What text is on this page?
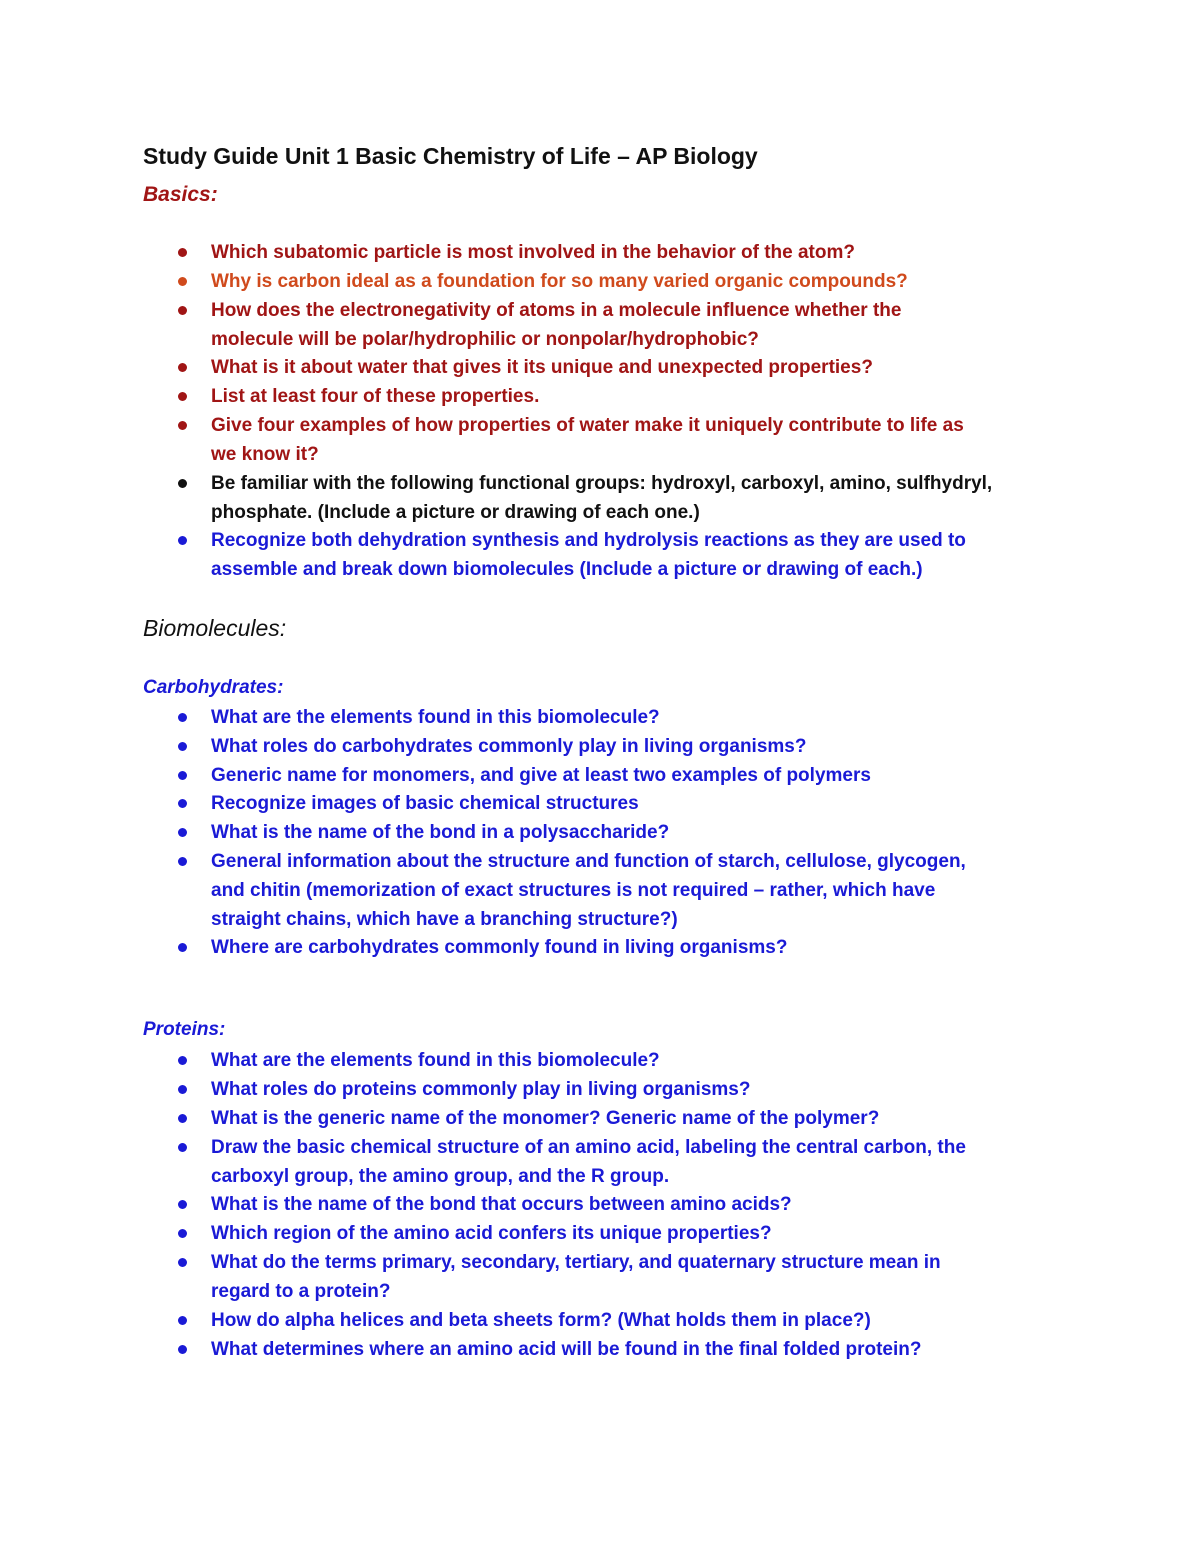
Study Guide Unit 1 Basic Chemistry of Life – AP Biology
Basics:
Which subatomic particle is most involved in the behavior of the atom?
Why is carbon ideal as a foundation for so many varied organic compounds?
How does the electronegativity of atoms in a molecule influence whether the
molecule will be polar/hydrophilic or nonpolar/hydrophobic?
What is it about water that gives it its unique and unexpected properties?
List at least four of these properties.
Give four examples of how properties of water make it uniquely contribute to life as
we know it?
Be familiar with the following functional groups: hydroxyl, carboxyl, amino, sulfhydryl,
phosphate. (Include a picture or drawing of each one.)
Recognize both dehydration synthesis and hydrolysis reactions as they are used to
assemble and break down biomolecules (Include a picture or drawing of each.)
Biomolecules:
Carbohydrates:
What are the elements found in this biomolecule?
What roles do carbohydrates commonly play in living organisms?
Generic name for monomers, and give at least two examples of polymers
Recognize images of basic chemical structures
What is the name of the bond in a polysaccharide?
General information about the structure and function of starch, cellulose, glycogen,
and chitin (memorization of exact structures is not required – rather, which have
straight chains, which have a branching structure?)
Where are carbohydrates commonly found in living organisms?
Proteins:
What are the elements found in this biomolecule?
What roles do proteins commonly play in living organisms?
What is the generic name of the monomer? Generic name of the polymer?
Draw the basic chemical structure of an amino acid, labeling the central carbon, the
carboxyl group, the amino group, and the R group.
What is the name of the bond that occurs between amino acids?
Which region of the amino acid confers its unique properties?
What do the terms primary, secondary, tertiary, and quaternary structure mean in
regard to a protein?
How do alpha helices and beta sheets form? (What holds them in place?)
What determines where an amino acid will be found in the final folded protein?
